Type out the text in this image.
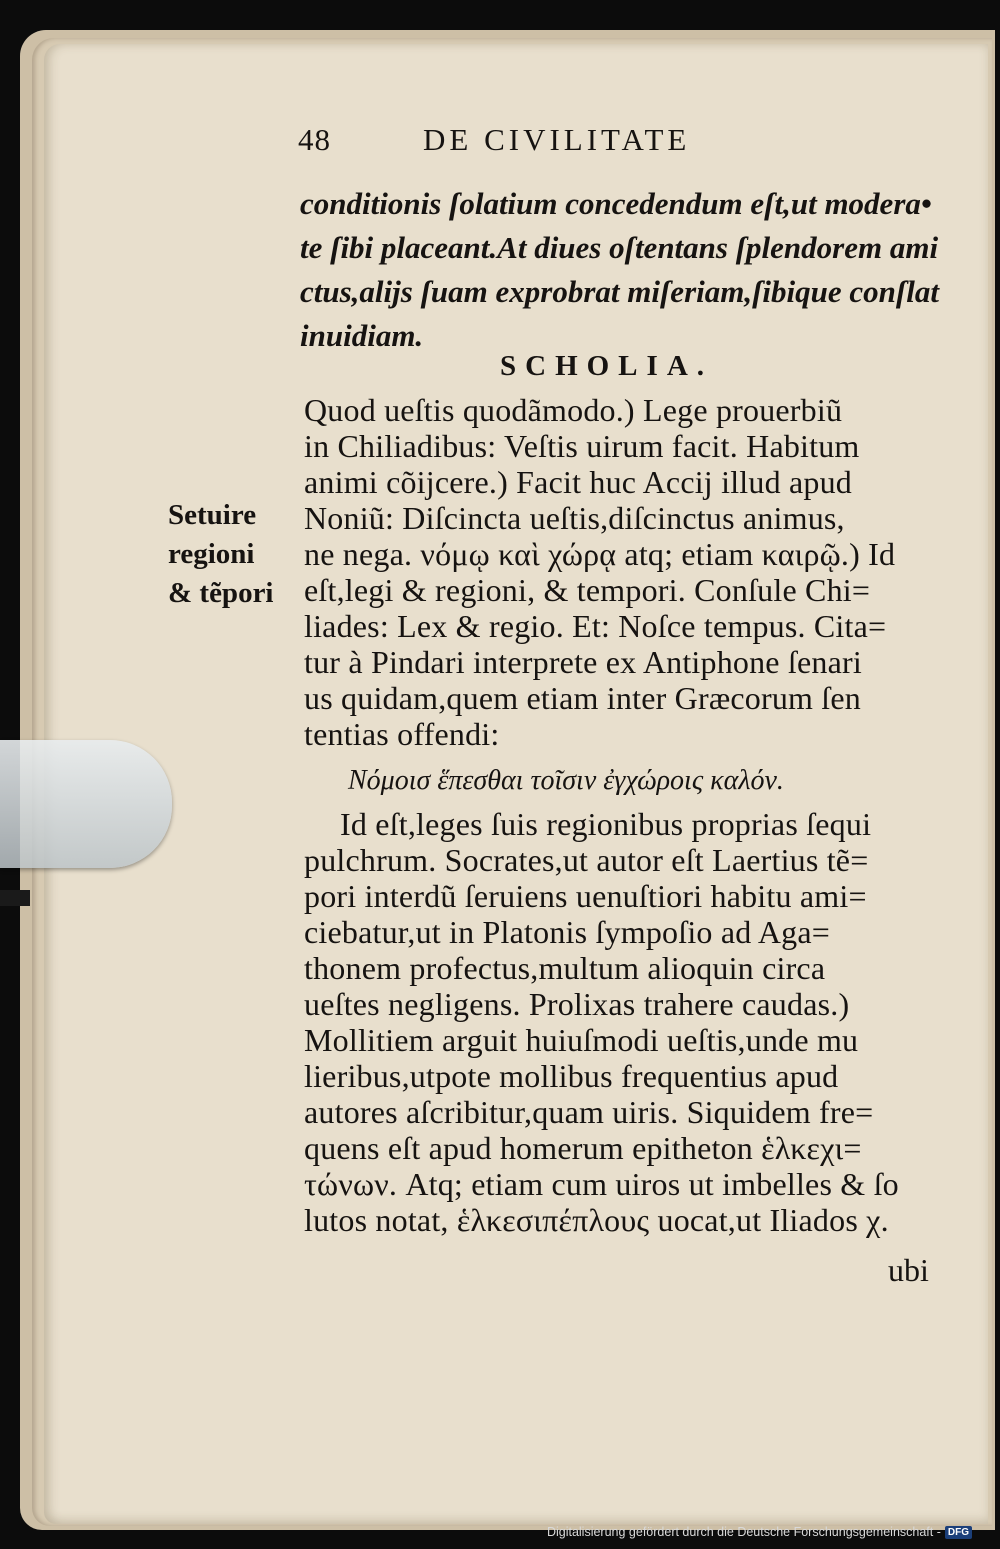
48	DE CIVILITATE
conditionis ſolatium concedendum eſt,ut modera•
te ſibi placeant.At diues oſtentans ſplendorem ami
ctus,alijs ſuam exprobrat miſeriam,ſibique conſlat
inuidiam.
SCHOLIA.
Setuire
regioni
& tẽpori
Quod ueſtis quodãmodo.) Lege prouerbiũ
in Chiliadibus: Veſtis uirum facit. Habitum
animi cõijcere.) Facit huc Accij illud apud
Noniũ: Diſcincta ueſtis,diſcinctus animus,
ne nega. νόμῳ καὶ χώρᾳ atq; etiam καιρῷ.) Id
eſt,legi & regioni, & tempori. Conſule Chi=
liades: Lex & regio. Et: Noſce tempus. Cita=
tur à Pindari interprete ex Antiphone ſenari
us quidam,quem etiam inter Græcorum ſen
tentias offendi:
Νόμοισ ἕπεσθαι τοῖσιν ἐγχώροις καλόν.
Id eſt,leges ſuis regionibus proprias ſequi
pulchrum. Socrates,ut autor eſt Laertius tẽ=
pori interdũ ſeruiens uenuſtiori habitu ami=
ciebatur,ut in Platonis ſympoſio ad Aga=
thonem profectus,multum alioquin circa
ueſtes negligens. Prolixas trahere caudas.)
Mollitiem arguit huiuſmodi ueſtis,unde mu
lieribus,utpote mollibus frequentius apud
autores aſcribitur,quam uiris. Siquidem fre=
quens eſt apud homerum epitheton ἑλκεχι=
τώνων. Atq; etiam cum uiros ut imbelles & ſo
lutos notat, ἑλκεσιπέπλους uocat,ut Iliados χ.
ubi
Digitalisierung gefördert durch die Deutsche Forschungsgemeinschaft - DFG
